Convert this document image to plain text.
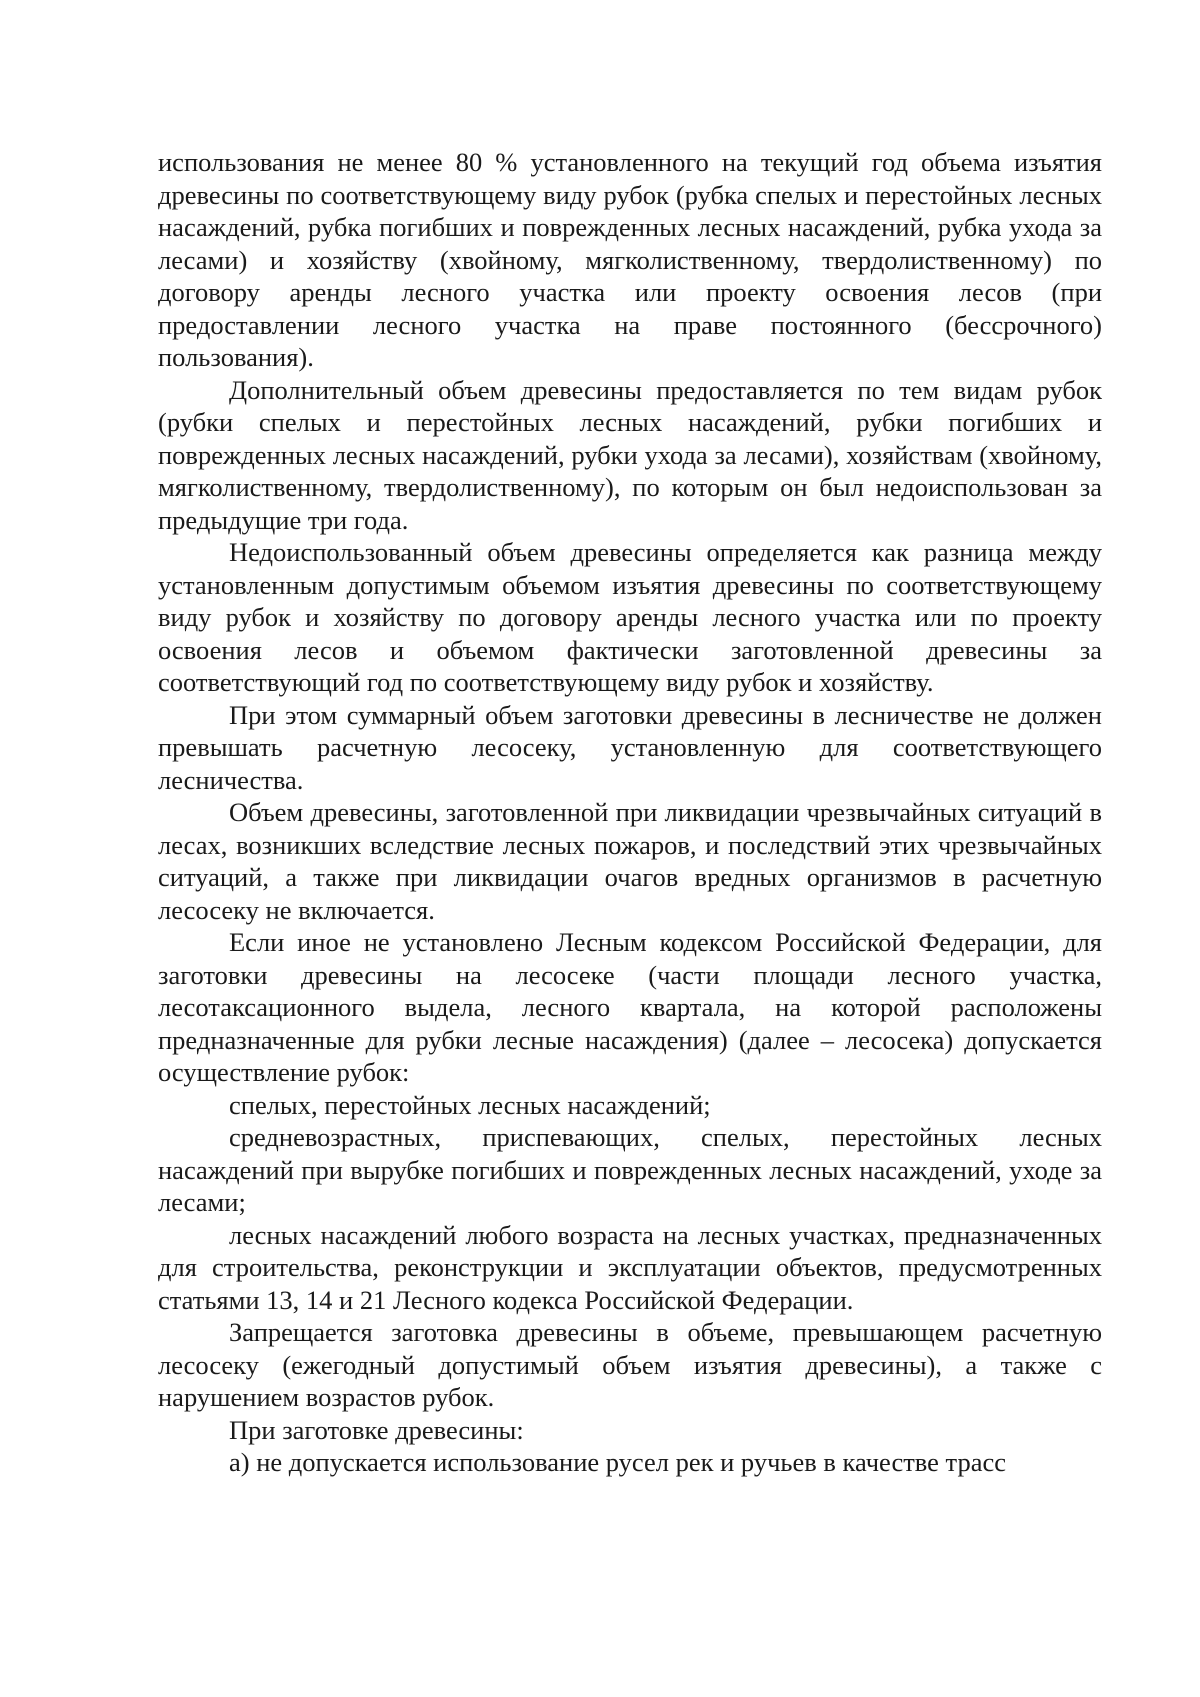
использования не менее 80 % установленного на текущий год объема изъятия древесины по соответствующему виду рубок (рубка спелых и перестойных лесных насаждений, рубка погибших и поврежденных лесных насаждений, рубка ухода за лесами) и хозяйству (хвойному, мягколиственному, твердолиственному) по договору аренды лесного участка или проекту освоения лесов (при предоставлении лесного участка на праве постоянного (бессрочного) пользования).

Дополнительный объем древесины предоставляется по тем видам рубок (рубки спелых и перестойных лесных насаждений, рубки погибших и поврежденных лесных насаждений, рубки ухода за лесами), хозяйствам (хвойному, мягколиственному, твердолиственному), по которым он был недоиспользован за предыдущие три года.

Недоиспользованный объем древесины определяется как разница между установленным допустимым объемом изъятия древесины по соответствующему виду рубок и хозяйству по договору аренды лесного участка или по проекту освоения лесов и объемом фактически заготовленной древесины за соответствующий год по соответствующему виду рубок и хозяйству.

При этом суммарный объем заготовки древесины в лесничестве не должен превышать расчетную лесосеку, установленную для соответствующего лесничества.

Объем древесины, заготовленной при ликвидации чрезвычайных ситуаций в лесах, возникших вследствие лесных пожаров, и последствий этих чрезвычайных ситуаций, а также при ликвидации очагов вредных организмов в расчетную лесосеку не включается.

Если иное не установлено Лесным кодексом Российской Федерации, для заготовки древесины на лесосеке (части площади лесного участка, лесотаксационного выдела, лесного квартала, на которой расположены предназначенные для рубки лесные насаждения) (далее – лесосека) допускается осуществление рубок:

спелых, перестойных лесных насаждений;

средневозрастных, приспевающих, спелых, перестойных лесных насаждений при вырубке погибших и поврежденных лесных насаждений, уходе за лесами;

лесных насаждений любого возраста на лесных участках, предназначенных для строительства, реконструкции и эксплуатации объектов, предусмотренных статьями 13, 14 и 21 Лесного кодекса Российской Федерации.

Запрещается заготовка древесины в объеме, превышающем расчетную лесосеку (ежегодный допустимый объем изъятия древесины), а также с нарушением возрастов рубок.

При заготовке древесины:

а) не допускается использование русел рек и ручьев в качестве трасс
